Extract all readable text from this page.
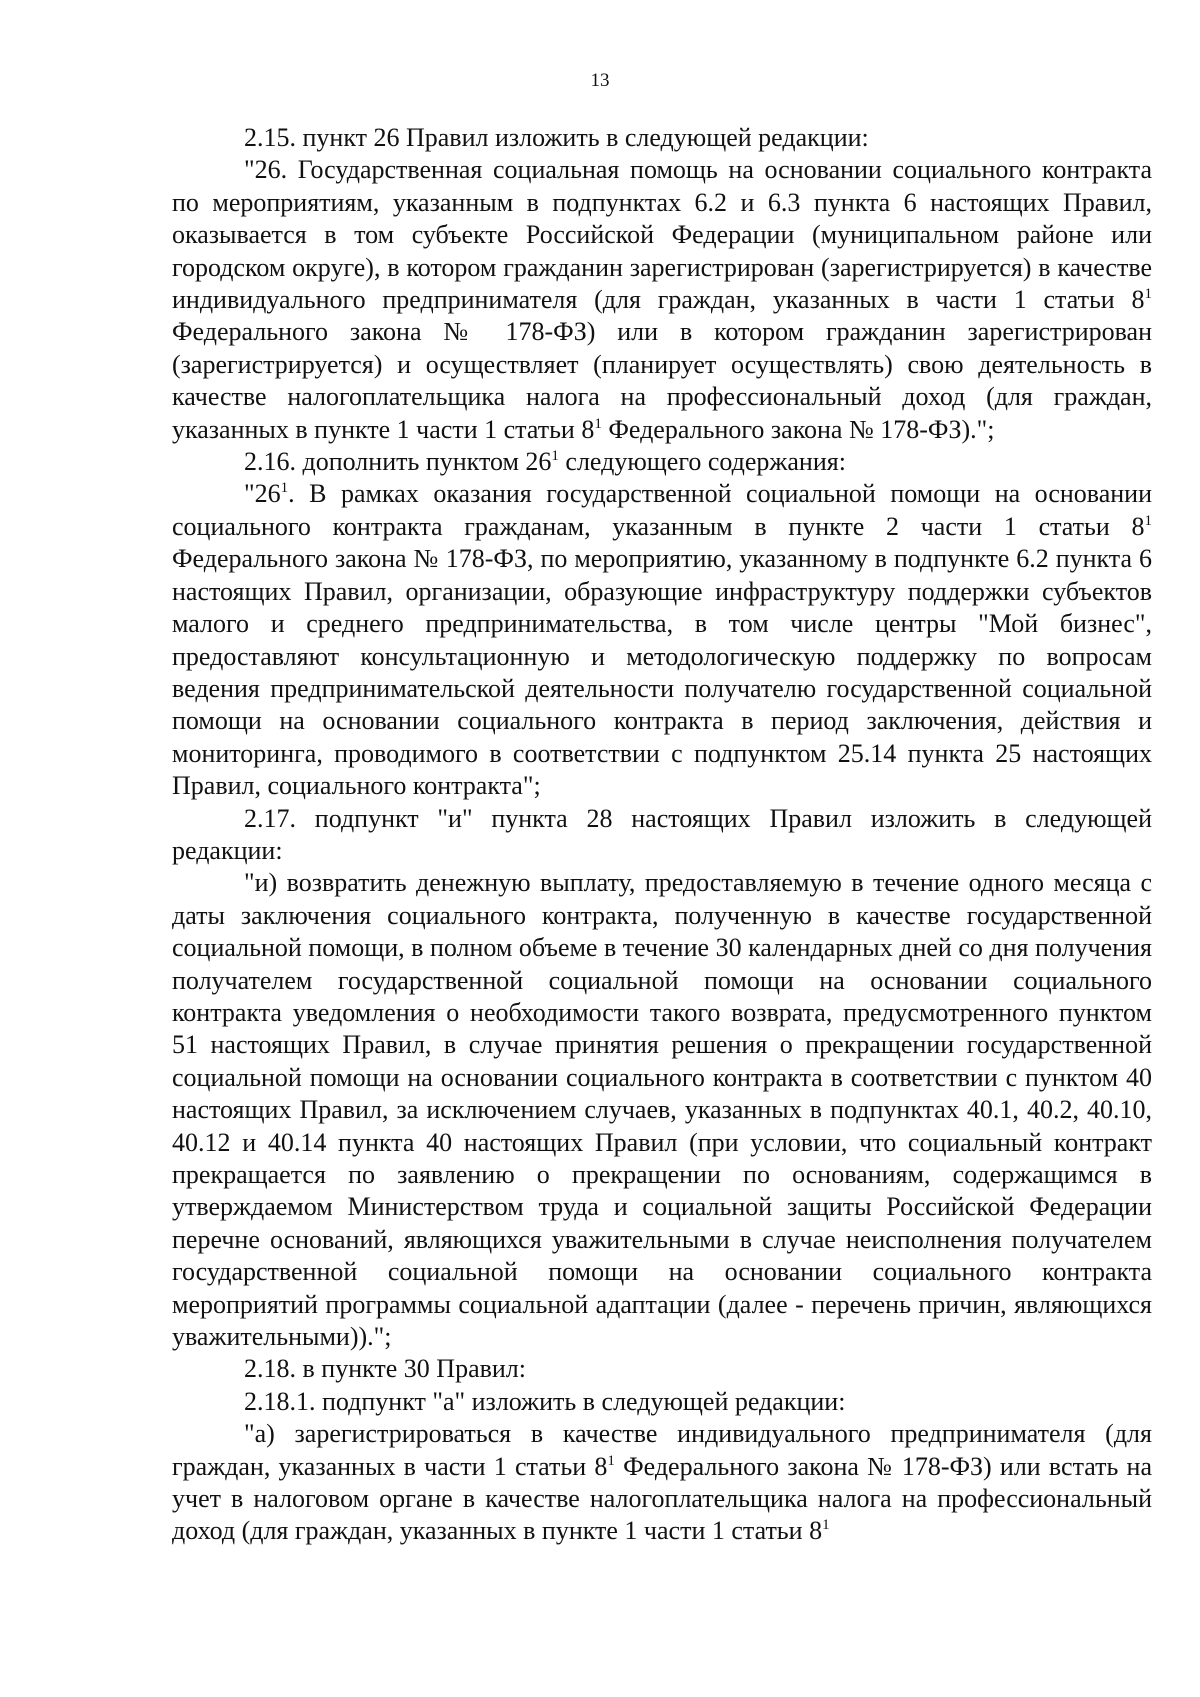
13

2.15. пункт 26 Правил изложить в следующей редакции:

"26. Государственная социальная помощь на основании социального контракта по мероприятиям, указанным в подпунктах 6.2 и 6.3 пункта 6 настоящих Правил, оказывается в том субъекте Российской Федерации (муниципальном районе или городском округе), в котором гражданин зарегистрирован (зарегистрируется) в качестве индивидуального предпринимателя (для граждан, указанных в части 1 статьи $8^1$ Федерального закона № 178-ФЗ) или в котором гражданин зарегистрирован (зарегистрируется) и осуществляет (планирует осуществлять) свою деятельность в качестве налогоплательщика налога на профессиональный доход (для граждан, указанных в пункте 1 части 1 статьи $8^1$ Федерального закона № 178-ФЗ).";

2.16. дополнить пунктом $26^1$ следующего содержания:

"$26^1$. В рамках оказания государственной социальной помощи на основании социального контракта гражданам, указанным в пункте 2 части 1 статьи $8^1$ Федерального закона № 178-ФЗ, по мероприятию, указанному в подпункте 6.2 пункта 6 настоящих Правил, организации, образующие инфраструктуру поддержки субъектов малого и среднего предпринимательства, в том числе центры "Мой бизнес", предоставляют консультационную и методологическую поддержку по вопросам ведения предпринимательской деятельности получателю государственной социальной помощи на основании социального контракта в период заключения, действия и мониторинга, проводимого в соответствии с подпунктом 25.14 пункта 25 настоящих Правил, социального контракта";

2.17. подпункт "и" пункта 28 настоящих Правил изложить в следующей редакции:

"и) возвратить денежную выплату, предоставляемую в течение одного месяца с даты заключения социального контракта, полученную в качестве государственной социальной помощи, в полном объеме в течение 30 календарных дней со дня получения получателем государственной социальной помощи на основании социального контракта уведомления о необходимости такого возврата, предусмотренного пунктом 51 настоящих Правил, в случае принятия решения о прекращении государственной социальной помощи на основании социального контракта в соответствии с пунктом 40 настоящих Правил, за исключением случаев, указанных в подпунктах 40.1, 40.2, 40.10, 40.12 и 40.14 пункта 40 настоящих Правил (при условии, что социальный контракт прекращается по заявлению о прекращении по основаниям, содержащимся в утверждаемом Министерством труда и социальной защиты Российской Федерации перечне оснований, являющихся уважительными в случае неисполнения получателем государственной социальной помощи на основании социального контракта мероприятий программы социальной адаптации (далее - перечень причин, являющихся уважительными)).";

2.18. в пункте 30 Правил:

2.18.1. подпункт "а" изложить в следующей редакции:

"а) зарегистрироваться в качестве индивидуального предпринимателя (для граждан, указанных в части 1 статьи $8^1$ Федерального закона № 178-ФЗ) или встать на учет в налоговом органе в качестве налогоплательщика налога на профессиональный доход (для граждан, указанных в пункте 1 части 1 статьи $8^1$
